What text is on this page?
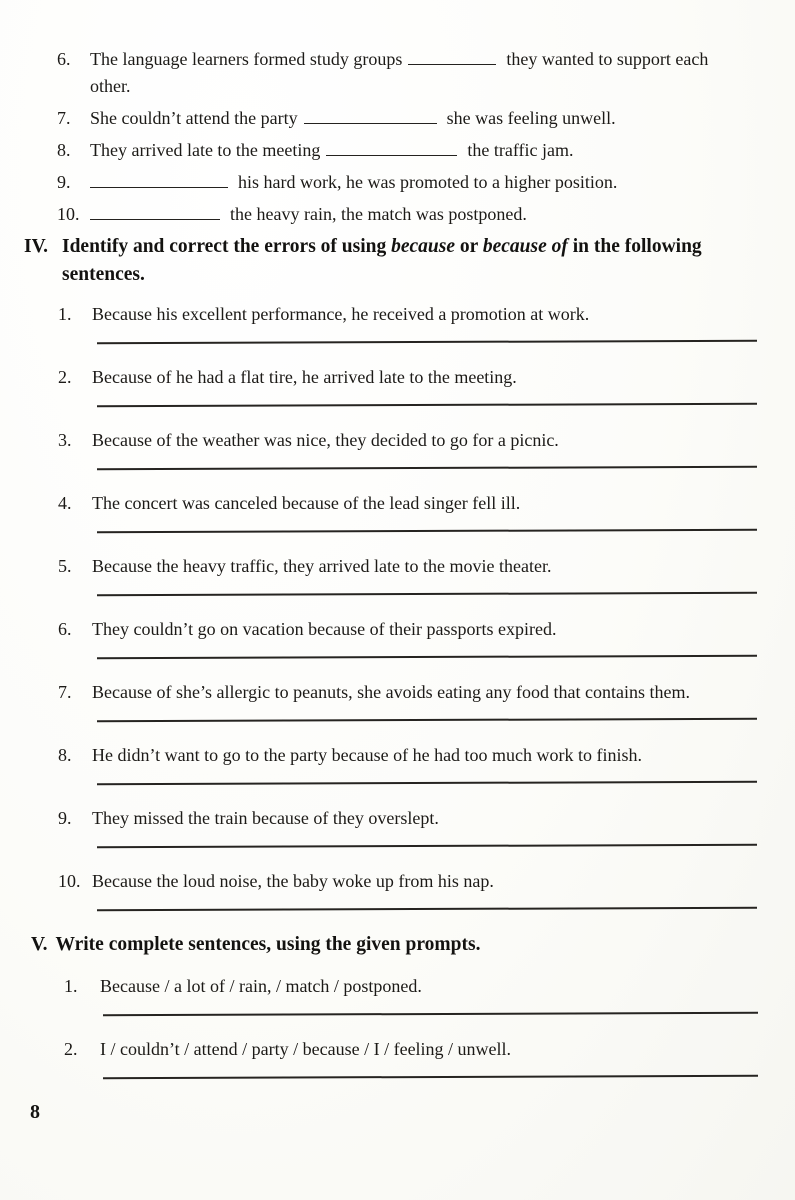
6.	The language learners formed study groups	they wanted to support each other.
7.	She couldn’t attend the party	she was feeling unwell.
8.	They arrived late to the meeting	the traffic jam.
9.	his hard work, he was promoted to a higher position.
10.	the heavy rain, the match was postponed.
IV. Identify and correct the errors of using because or because of in the following sentences.
1.	Because his excellent performance, he received a promotion at work.
2.	Because of he had a flat tire, he arrived late to the meeting.
3.	Because of the weather was nice, they decided to go for a picnic.
4.	The concert was canceled because of the lead singer fell ill.
5.	Because the heavy traffic, they arrived late to the movie theater.
6.	They couldn’t go on vacation because of their passports expired.
7.	Because of she’s allergic to peanuts, she avoids eating any food that contains them.
8.	He didn’t want to go to the party because of he had too much work to finish.
9.	They missed the train because of they overslept.
10. Because the loud noise, the baby woke up from his nap.
V. Write complete sentences, using the given prompts.
1.	Because / a lot of / rain, / match / postponed.
2.	I / couldn’t / attend / party / because / I / feeling / unwell.
8
